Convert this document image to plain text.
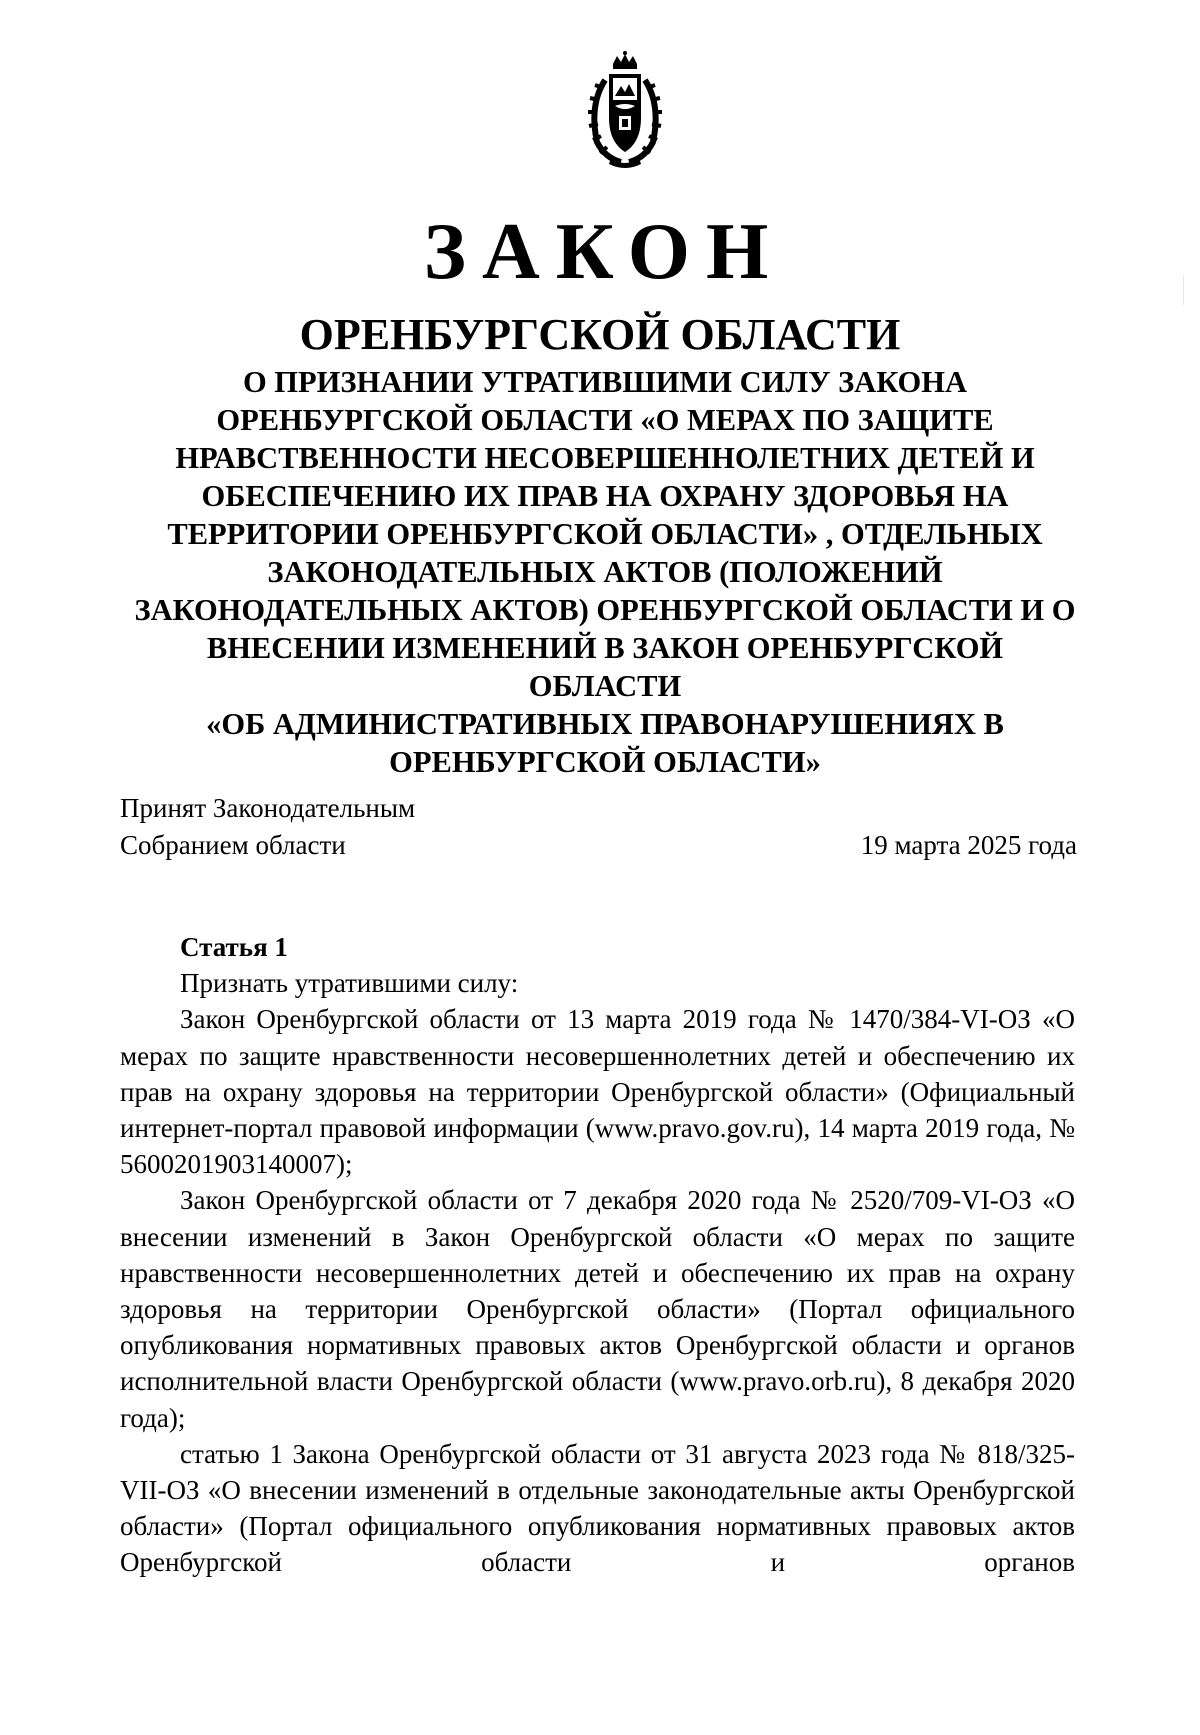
ЗАКОН
ОРЕНБУРГСКОЙ ОБЛАСТИ
О ПРИЗНАНИИ УТРАТИВШИМИ СИЛУ ЗАКОНА
ОРЕНБУРГСКОЙ ОБЛАСТИ «О МЕРАХ ПО ЗАЩИТЕ
НРАВСТВЕННОСТИ НЕСОВЕРШЕННОЛЕТНИХ ДЕТЕЙ И
ОБЕСПЕЧЕНИЮ ИХ ПРАВ НА ОХРАНУ ЗДОРОВЬЯ НА
ТЕРРИТОРИИ ОРЕНБУРГСКОЙ ОБЛАСТИ» , ОТДЕЛЬНЫХ
ЗАКОНОДАТЕЛЬНЫХ АКТОВ (ПОЛОЖЕНИЙ
ЗАКОНОДАТЕЛЬНЫХ АКТОВ) ОРЕНБУРГСКОЙ ОБЛАСТИ И О
ВНЕСЕНИИ ИЗМЕНЕНИЙ В ЗАКОН ОРЕНБУРГСКОЙ ОБЛАСТИ
«ОБ АДМИНИСТРАТИВНЫХ ПРАВОНАРУШЕНИЯХ В
ОРЕНБУРГСКОЙ ОБЛАСТИ»
Принят Законодательным
Собранием области	19 марта 2025 года
Статья 1

Признать утратившими силу:

Закон Оренбургской области от 13 марта 2019 года № 1470/384-VI-ОЗ «О мерах по защите нравственности несовершеннолетних детей и обеспечению их прав на охрану здоровья на территории Оренбургской области» (Официальный интернет-портал правовой информации (www.pravo.gov.ru), 14 марта 2019 года, № 5600201903140007);

Закон Оренбургской области от 7 декабря 2020 года № 2520/709-VI-ОЗ «О внесении изменений в Закон Оренбургской области «О мерах по защите нравственности несовершеннолетних детей и обеспечению их прав на охрану здоровья на территории Оренбургской области» (Портал официального опубликования нормативных правовых актов Оренбургской области и органов исполнительной власти Оренбургской области (www.pravo.orb.ru), 8 декабря 2020 года);

статью 1 Закона Оренбургской области от 31 августа 2023 года № 818/325-VII-ОЗ «О внесении изменений в отдельные законодательные акты Оренбургской области» (Портал официального опубликования нормативных правовых актов Оренбургской области и органов
